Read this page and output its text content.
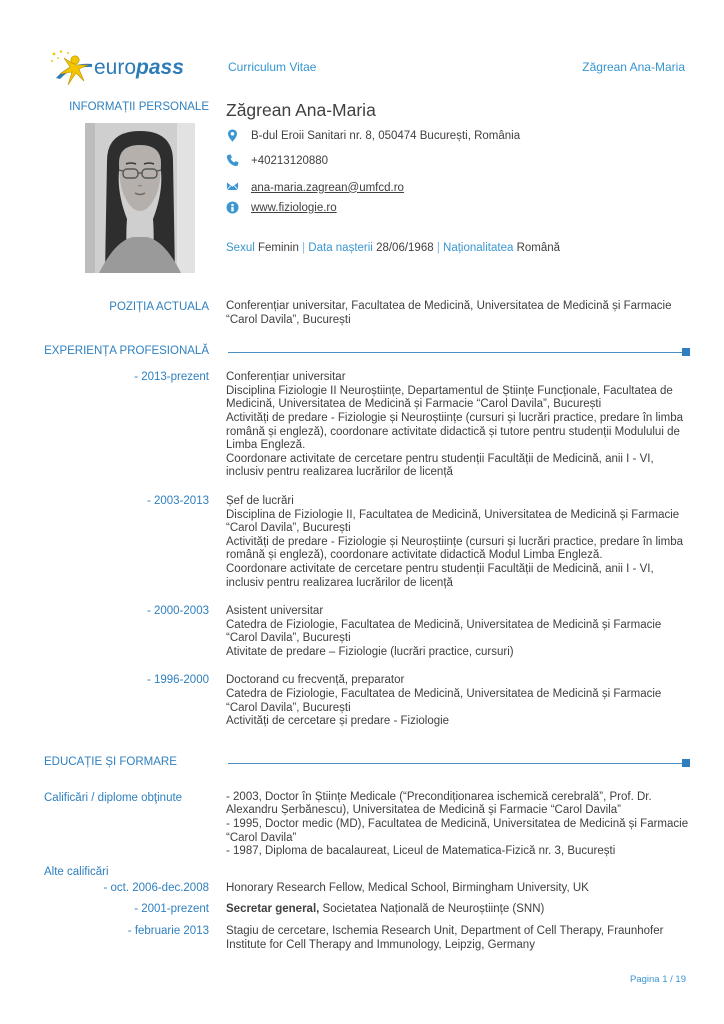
europass	Curriculum Vitae	Zăgrean Ana-Maria
INFORMAȚII PERSONALE Zăgrean Ana-Maria
B-dul Eroii Sanitari nr. 8, 050474 București, România
+40213120880
ana-maria.zagrean@umfcd.ro
www.fiziologie.ro
Sexul Feminin | Data nașterii 28/06/1968 | Naționalitatea Română
POZIȚIA ACTUALA Conferențiar universitar, Facultatea de Medicină, Universitatea de Medicină și Farmacie “Carol Davila”, București
EXPERIENȚA PROFESIONALĂ
- 2013-prezent Conferențiar universitar
Disciplina Fiziologie II Neuroștiințe, Departamentul de Științe Funcționale, Facultatea de Medicină, Universitatea de Medicină și Farmacie “Carol Davila”, București
Activități de predare - Fiziologie și Neuroștiințe (cursuri și lucrări practice, predare în limba română și engleză), coordonare activitate didactică și tutore pentru studenții Modulului de Limba Engleză.
Coordonare activitate de cercetare pentru studenții Facultății de Medicină, anii I - VI, inclusiv pentru realizarea lucrărilor de licență
- 2003-2013 Șef de lucrări
Disciplina de Fiziologie II, Facultatea de Medicină, Universitatea de Medicină și Farmacie “Carol Davila”, București
Activități de predare - Fiziologie și Neuroștiințe (cursuri și lucrări practice, predare în limba română și engleză), coordonare activitate didactică Modul Limba Engleză.
Coordonare activitate de cercetare pentru studenții Facultății de Medicină, anii I - VI, inclusiv pentru realizarea lucrărilor de licență
- 2000-2003 Asistent universitar
Catedra de Fiziologie, Facultatea de Medicină, Universitatea de Medicină și Farmacie “Carol Davila”, București
Ativitate de predare – Fiziologie (lucrări practice, cursuri)
- 1996-2000 Doctorand cu frecvență, preparator
Catedra de Fiziologie, Facultatea de Medicină, Universitatea de Medicină și Farmacie “Carol Davila”, București
Activități de cercetare și predare - Fiziologie
EDUCAȚIE ȘI FORMARE
Calificări / diplome obţinute	- 2003, Doctor în Științe Medicale (“Precondiționarea ischemică cerebrală”, Prof. Dr. Alexandru Șerbănescu), Universitatea de Medicină și Farmacie “Carol Davila”
- 1995, Doctor medic (MD), Facultatea de Medicină, Universitatea de Medicină și Farmacie “Carol Davila”
- 1987, Diploma de bacalaureat, Liceul de Matematica-Fizică nr. 3, București
Alte calificări
- oct. 2006-dec.2008 Honorary Research Fellow, Medical School, Birmingham University, UK
- 2001-prezent Secretar general, Societatea Națională de Neuroștiințe (SNN)
- februarie 2013 Stagiu de cercetare, Ischemia Research Unit, Department of Cell Therapy, Fraunhofer Institute for Cell Therapy and Immunology, Leipzig, Germany
Pagina 1 / 19
